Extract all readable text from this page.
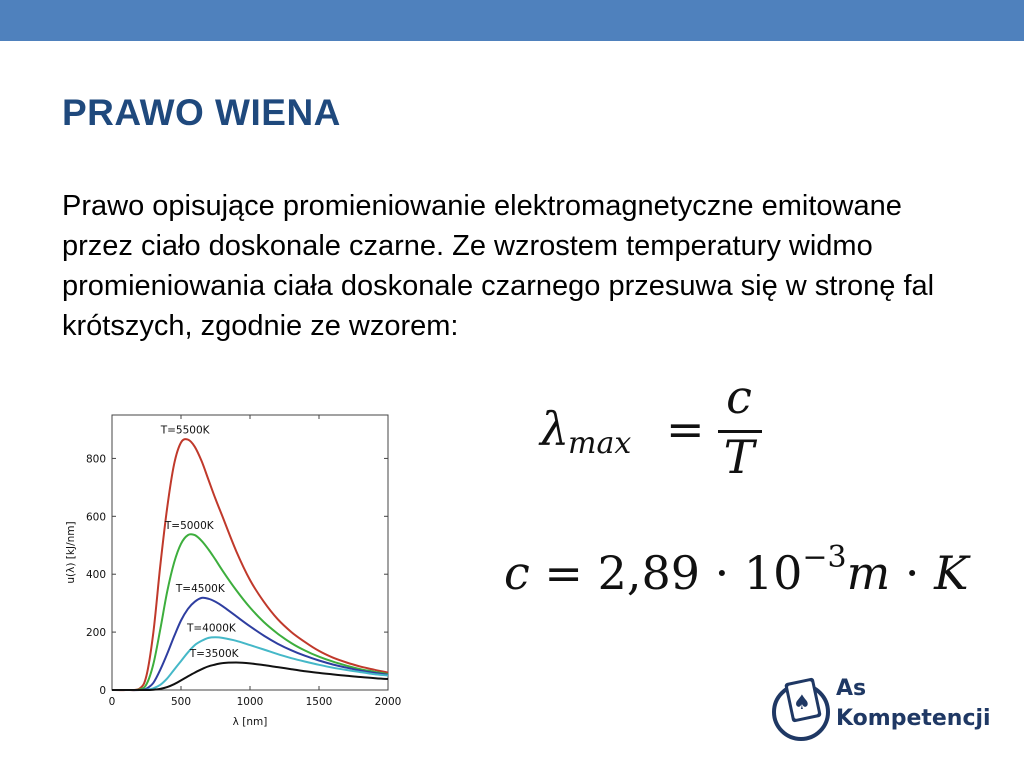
PRAWO WIENA

Prawo opisujące promieniowanie elektromagnetyczne emitowane przez ciało doskonale czarne. Ze wzrostem temperatury widmo promieniowania ciała doskonale czarnego przesuwa się w stronę fal krótszych, zgodnie ze wzorem:

λ
max =
c
T
$c = 2,89 \cdot 10^{-3}m \cdot K$
0	500	1000	1500	2000
0
200
400
600
800
T=5500K
T=5000K
T=4500K
T=4000K
T=3500K
λ [nm]
u(λ) [kJ/nm]
♠
As
Kompetencji
